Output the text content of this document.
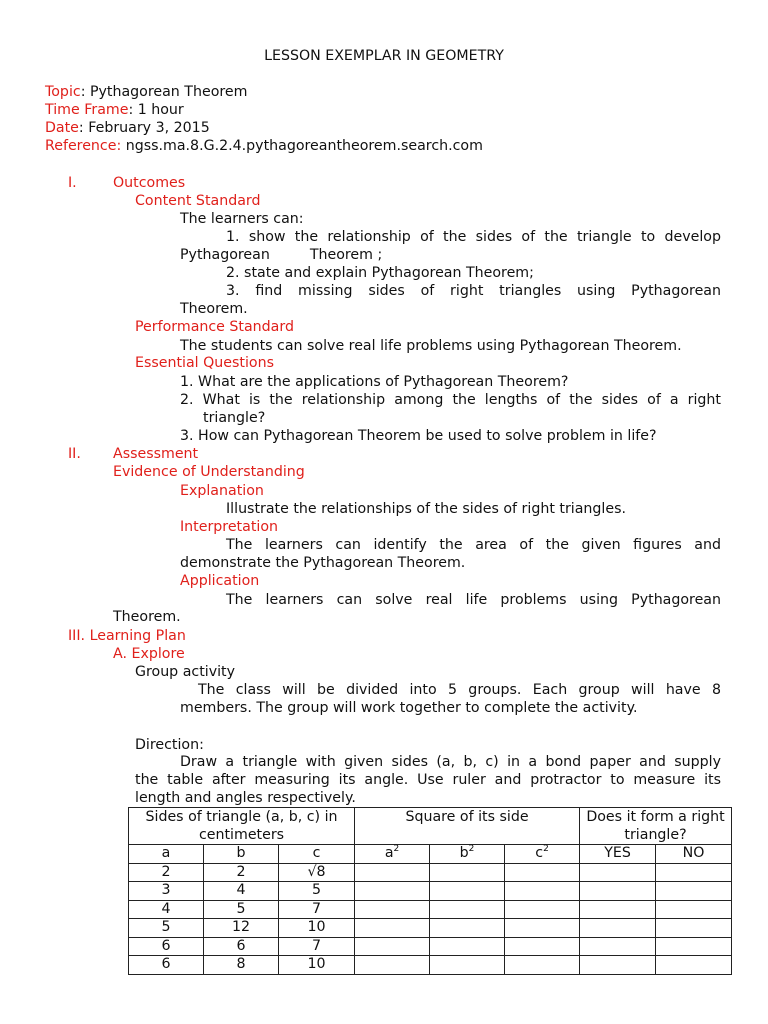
LESSON EXEMPLAR IN GEOMETRY
Topic: Pythagorean Theorem
Time Frame: 1 hour
Date: February 3, 2015
Reference: ngss.ma.8.G.2.4.pythagoreantheorem.search.com
I.	Outcomes
Content Standard
The learners can:
1. show the relationship of the sides of the triangle to develop
Pythagorean	Theorem ;
2. state and explain Pythagorean Theorem;
3. find missing sides of right triangles using Pythagorean
Theorem.
Performance Standard
The students can solve real life problems using Pythagorean Theorem.
Essential Questions
1. What are the applications of Pythagorean Theorem?
2. What is the relationship among the lengths of the sides of a right
triangle?
3. How can Pythagorean Theorem be used to solve problem in life?
II. Assessment
Evidence of Understanding
Explanation
Illustrate the relationships of the sides of right triangles.
Interpretation
The learners can identify the area of the given figures and
demonstrate the Pythagorean Theorem.
Application
The learners can solve real life problems using Pythagorean
Theorem.
III. Learning Plan
A. Explore
Group activity
The class will be divided into 5 groups. Each group will have 8
members. The group will work together to complete the activity.
Direction:
Draw a triangle with given sides (a, b, c) in a bond paper and supply
the table after measuring its angle. Use ruler and protractor to measure its
length and angles respectively.
Sides of triangle (a, b, c) in centimeters			Square of its side			Does it form a right triangle?	
a	b	c	$a^2$	$b^2$	$c^2$	YES	NO
2	2	√8					
3	4	5					
4	5	7					
5	12	10					
6	6	7					
6	8	10					
